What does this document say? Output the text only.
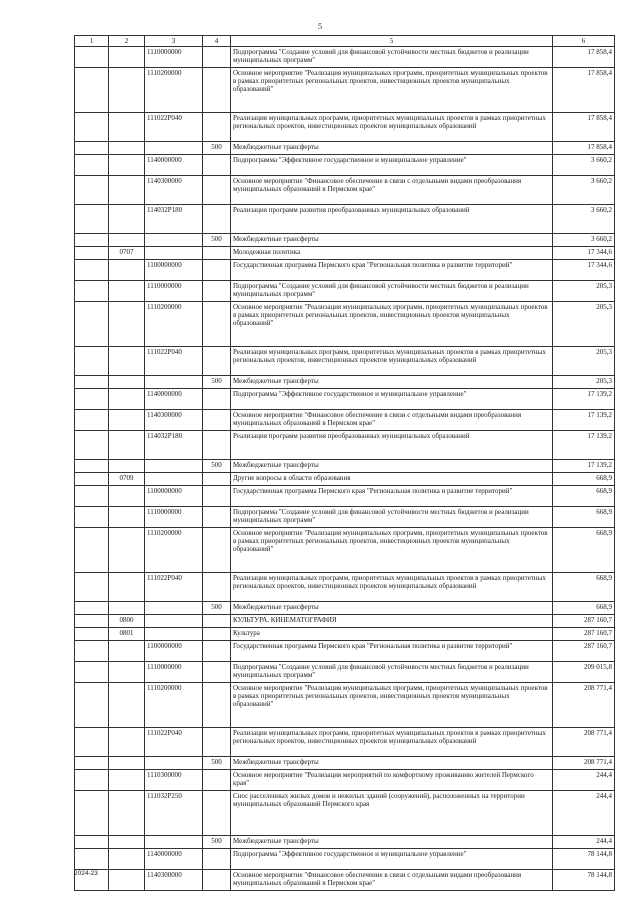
5
1	2	3	4	5	6
		1110000000		Подпрограмма "Создание условий для финансовой устойчивости местных бюджетов и реализации муниципальных программ"	17 858,4
		1110200000		Основное мероприятие "Реализация муниципальных программ, приоритетных муниципальных проектов в рамках приоритетных региональных проектов, инвестиционных проектов муниципальных образований"	17 858,4
		111022Р040		Реализация муниципальных программ, приоритетных муниципальных проектов в рамках приоритетных региональных проектов, инвестиционных проектов муниципальных образований	17 858,4
			500	Межбюджетные трансферты	17 858,4
		1140000000		Подпрограмма "Эффективное государственное и муниципальное управление"	3 660,2
		1140300000		Основное мероприятие "Финансовое обеспечение в связи с отдельными видами преобразования муниципальных образований в Пермском крае"	3 660,2
		114032Р180		Реализация программ развития преобразованных муниципальных образований	3 660,2
			500	Межбюджетные трансферты	3 660,2
	0707			Молодежная политика	17 344,6
		1100000000		Государственная программа Пермского края "Региональная политика и развитие территорий"	17 344,6
		1110000000		Подпрограмма "Создание условий для финансовой устойчивости местных бюджетов и реализации муниципальных программ"	205,3
		1110200000		Основное мероприятие "Реализация муниципальных программ, приоритетных муниципальных проектов в рамках приоритетных региональных проектов, инвестиционных проектов муниципальных образований"	205,3
		111022Р040		Реализация муниципальных программ, приоритетных муниципальных проектов в рамках приоритетных региональных проектов, инвестиционных проектов муниципальных образований	205,3
			500	Межбюджетные трансферты	205,3
		1140000000		Подпрограмма "Эффективное государственное и муниципальное управление"	17 139,2
		1140300000		Основное мероприятие "Финансовое обеспечение в связи с отдельными видами преобразования муниципальных образований в Пермском крае"	17 139,2
		114032Р180		Реализация программ развития преобразованных муниципальных образований	17 139,2
			500	Межбюджетные трансферты	17 139,2
	0709			Другие вопросы в области образования	668,9
		1100000000		Государственная программа Пермского края "Региональная политика и развитие территорий"	668,9
		1110000000		Подпрограмма "Создание условий для финансовой устойчивости местных бюджетов и реализации муниципальных программ"	668,9
		1110200000		Основное мероприятие "Реализация муниципальных программ, приоритетных муниципальных проектов в рамках приоритетных региональных проектов, инвестиционных проектов муниципальных образований"	668,9
		111022Р040		Реализация муниципальных программ, приоритетных муниципальных проектов в рамках приоритетных региональных проектов, инвестиционных проектов муниципальных образований	668,9
			500	Межбюджетные трансферты	668,9
	0800			КУЛЬТУРА, КИНЕМАТОГРАФИЯ	287 160,7
	0801			Культура	287 160,7
		1100000000		Государственная программа Пермского края "Региональная политика и развитие территорий"	287 160,7
		1110000000		Подпрограмма "Создание условий для финансовой устойчивости местных бюджетов и реализации муниципальных программ"	209 015,8
		1110200000		Основное мероприятие "Реализация муниципальных программ, приоритетных муниципальных проектов в рамках приоритетных региональных проектов, инвестиционных проектов муниципальных образований"	208 771,4
		111022Р040		Реализация муниципальных программ, приоритетных муниципальных проектов в рамках приоритетных региональных проектов, инвестиционных проектов муниципальных образований	208 771,4
			500	Межбюджетные трансферты	208 771,4
		1110300000		Основное мероприятие "Реализация мероприятий по комфортному проживанию жителей Пермского края"	244,4
		111032Р250		Снос расселенных жилых домов и нежилых зданий (сооружений), расположенных на территории муниципальных образований Пермского края	244,4
			500	Межбюджетные трансферты	244,4
		1140000000		Подпрограмма "Эффективное государственное и муниципальное управление"	78 144,8
		1140300000		Основное мероприятие "Финансовое обеспечение в связи с отдельными видами преобразования муниципальных образований в Пермском крае"	78 144,8
2024-23
